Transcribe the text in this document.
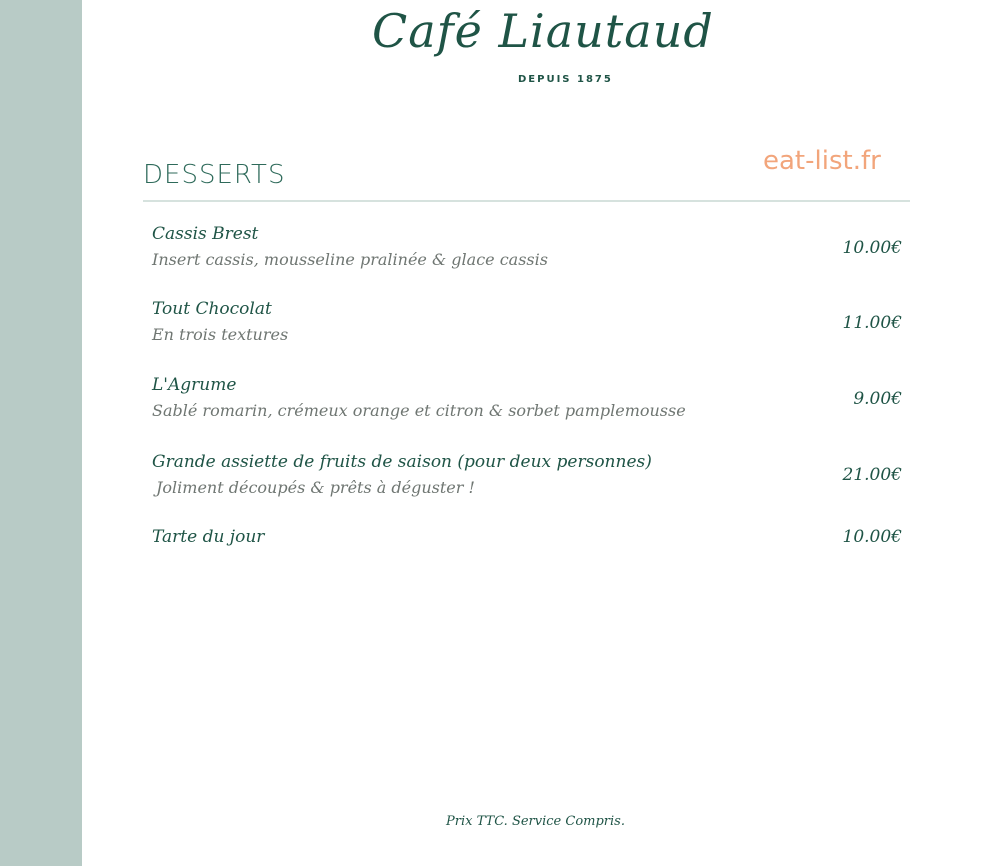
Café Liautaud
DEPUIS 1875
DESSERTS	eat-list.fr
Cassis Brest
Insert cassis, mousseline pralinée & glace cassis
10.00€
Tout Chocolat
En trois textures
11.00€
L'Agrume
Sablé romarin, crémeux orange et citron & sorbet pamplemousse
9.00€
Grande assiette de fruits de saison (pour deux personnes)
Joliment découpés & prêts à déguster !
21.00€
Tarte du jour	10.00€
Prix TTC. Service Compris.
